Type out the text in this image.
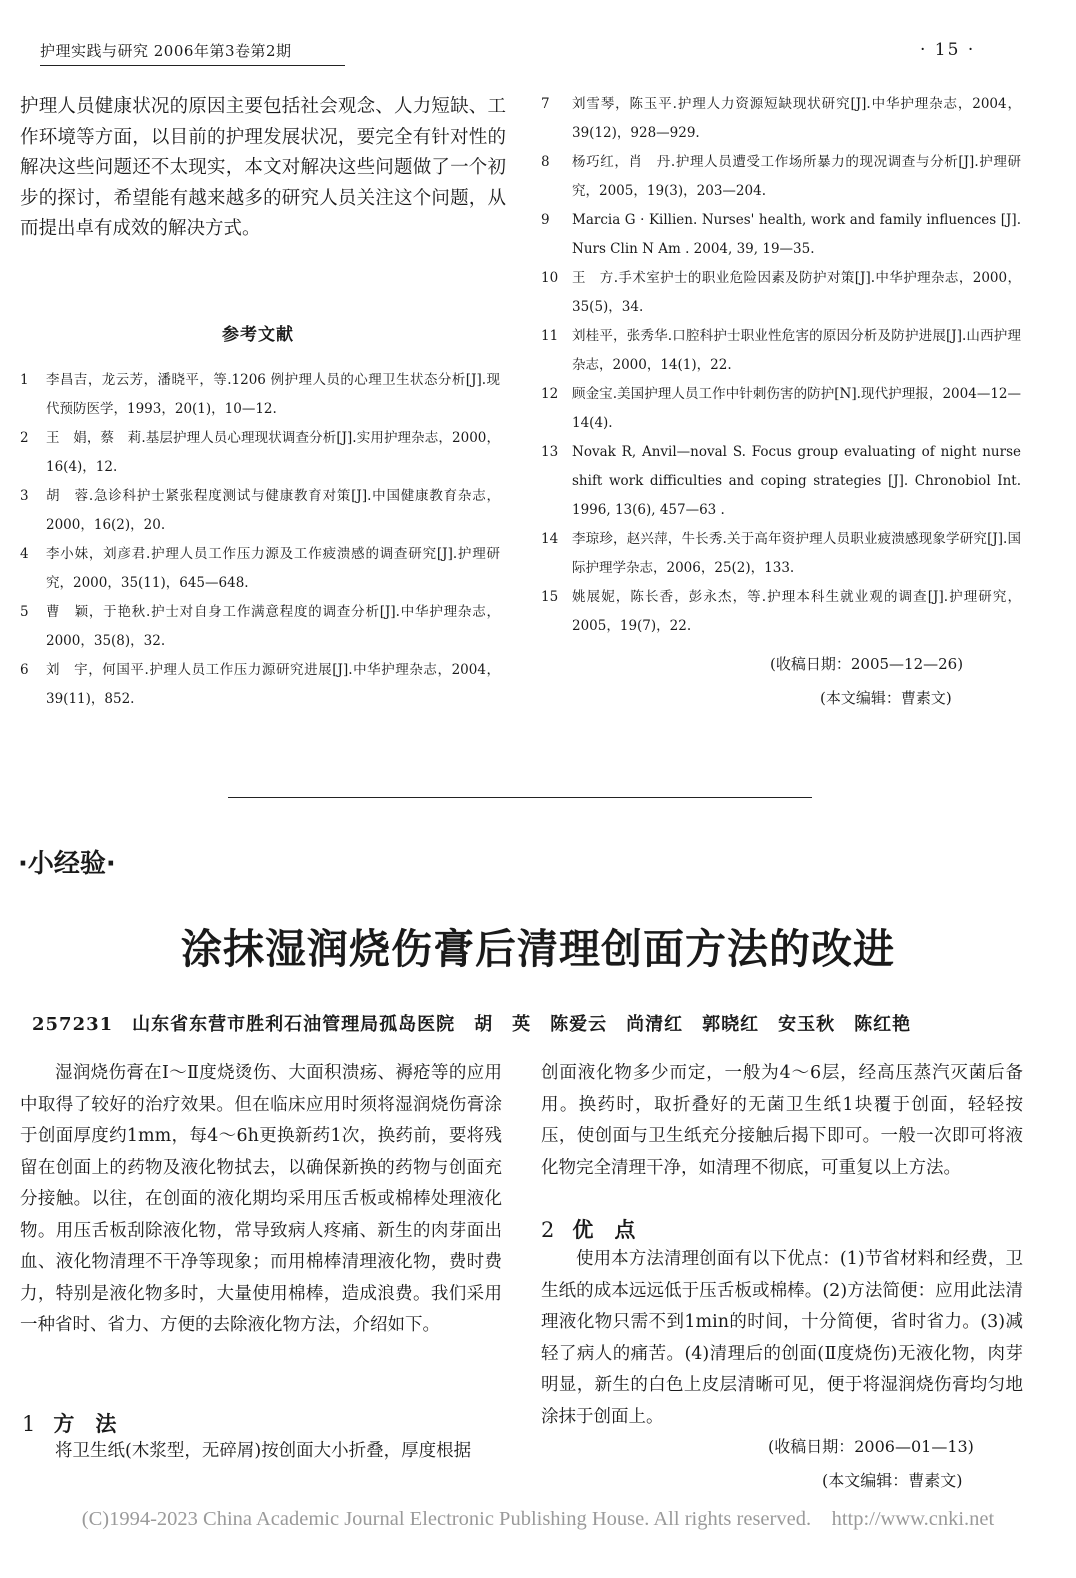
护理实践与研究 2006年第3卷第2期	· 15 ·
护理人员健康状况的原因主要包括社会观念、人力短缺、工作环境等方面，以目前的护理发展状况，要完全有针对性的解决这些问题还不太现实，本文对解决这些问题做了一个初步的探讨，希望能有越来越多的研究人员关注这个问题，从而提出卓有成效的解决方式。
参考文献
1 李昌吉，龙云芳，潘晓平，等.1206 例护理人员的心理卫生状态分析[J].现代预防医学，1993，20(1)，10—12.
2 王　娟，蔡　莉.基层护理人员心理现状调查分析[J].实用护理杂志，2000，16(4)，12.
3 胡　蓉.急诊科护士紧张程度测试与健康教育对策[J].中国健康教育杂志，2000，16(2)，20.
4 李小妹，刘彦君.护理人员工作压力源及工作疲溃感的调查研究[J].护理研究，2000，35(11)，645—648.
5 曹　颖，于艳秋.护士对自身工作满意程度的调查分析[J].中华护理杂志，2000，35(8)，32.
6 刘　宇，何国平.护理人员工作压力源研究进展[J].中华护理杂志，2004，39(11)，852.
7 刘雪琴，陈玉平.护理人力资源短缺现状研究[J].中华护理杂志，2004，39(12)，928—929.
8 杨巧红，肖　丹.护理人员遭受工作场所暴力的现况调查与分析[J].护理研究，2005，19(3)，203—204.
9 Marcia G · Killien. Nurses' health, work and family influences [J]. Nurs Clin N Am . 2004, 39, 19—35.
10 王　方.手术室护士的职业危险因素及防护对策[J].中华护理杂志，2000，35(5)，34.
11 刘桂平，张秀华.口腔科护士职业性危害的原因分析及防护进展[J].山西护理杂志，2000，14(1)，22.
12 顾金宝.美国护理人员工作中针刺伤害的防护[N].现代护理报，2004—12—14(4).
13 Novak R, Anvil—noval S. Focus group evaluating of night nurse shift work difficulties and coping strategies [J]. Chronobiol Int. 1996, 13(6), 457—63 .
14 李琼珍，赵兴萍，牛长秀.关于高年资护理人员职业疲溃感现象学研究[J].国际护理学杂志，2006，25(2)，133.
15 姚展妮，陈长香，彭永杰，等.护理本科生就业观的调查[J].护理研究，2005，19(7)，22.
(收稿日期：2005—12—26)
(本文编辑：曹素文)
·小经验·
涂抹湿润烧伤膏后清理创面方法的改进
257231　山东省东营市胜利石油管理局孤岛医院　胡　英　陈爱云　尚清红　郭晓红　安玉秋　陈红艳
湿润烧伤膏在Ⅰ～Ⅱ度烧烫伤、大面积溃疡、褥疮等的应用中取得了较好的治疗效果。但在临床应用时须将湿润烧伤膏涂于创面厚度约1mm，每4～6h更换新药1次，换药前，要将残留在创面上的药物及液化物拭去，以确保新换的药物与创面充分接触。以往，在创面的液化期均采用压舌板或棉棒处理液化物。用压舌板刮除液化物，常导致病人疼痛、新生的肉芽面出血、液化物清理不干净等现象；而用棉棒清理液化物，费时费力，特别是液化物多时，大量使用棉棒，造成浪费。我们采用一种省时、省力、方便的去除液化物方法，介绍如下。
1 方　法
将卫生纸(木浆型，无碎屑)按创面大小折叠，厚度根据
创面液化物多少而定，一般为4～6层，经高压蒸汽灭菌后备用。换药时，取折叠好的无菌卫生纸1块覆于创面，轻轻按压，使创面与卫生纸充分接触后揭下即可。一般一次即可将液化物完全清理干净，如清理不彻底，可重复以上方法。
2 优　点
使用本方法清理创面有以下优点：(1)节省材料和经费，卫生纸的成本远远低于压舌板或棉棒。(2)方法简便：应用此法清理液化物只需不到1min的时间，十分简便，省时省力。(3)减轻了病人的痛苦。(4)清理后的创面(Ⅱ度烧伤)无液化物，肉芽明显，新生的白色上皮层清晰可见，便于将湿润烧伤膏均匀地涂抹于创面上。
(收稿日期：2006—01—13)
(本文编辑：曹素文)
(C)1994-2023 China Academic Journal Electronic Publishing House. All rights reserved.    http://www.cnki.net
